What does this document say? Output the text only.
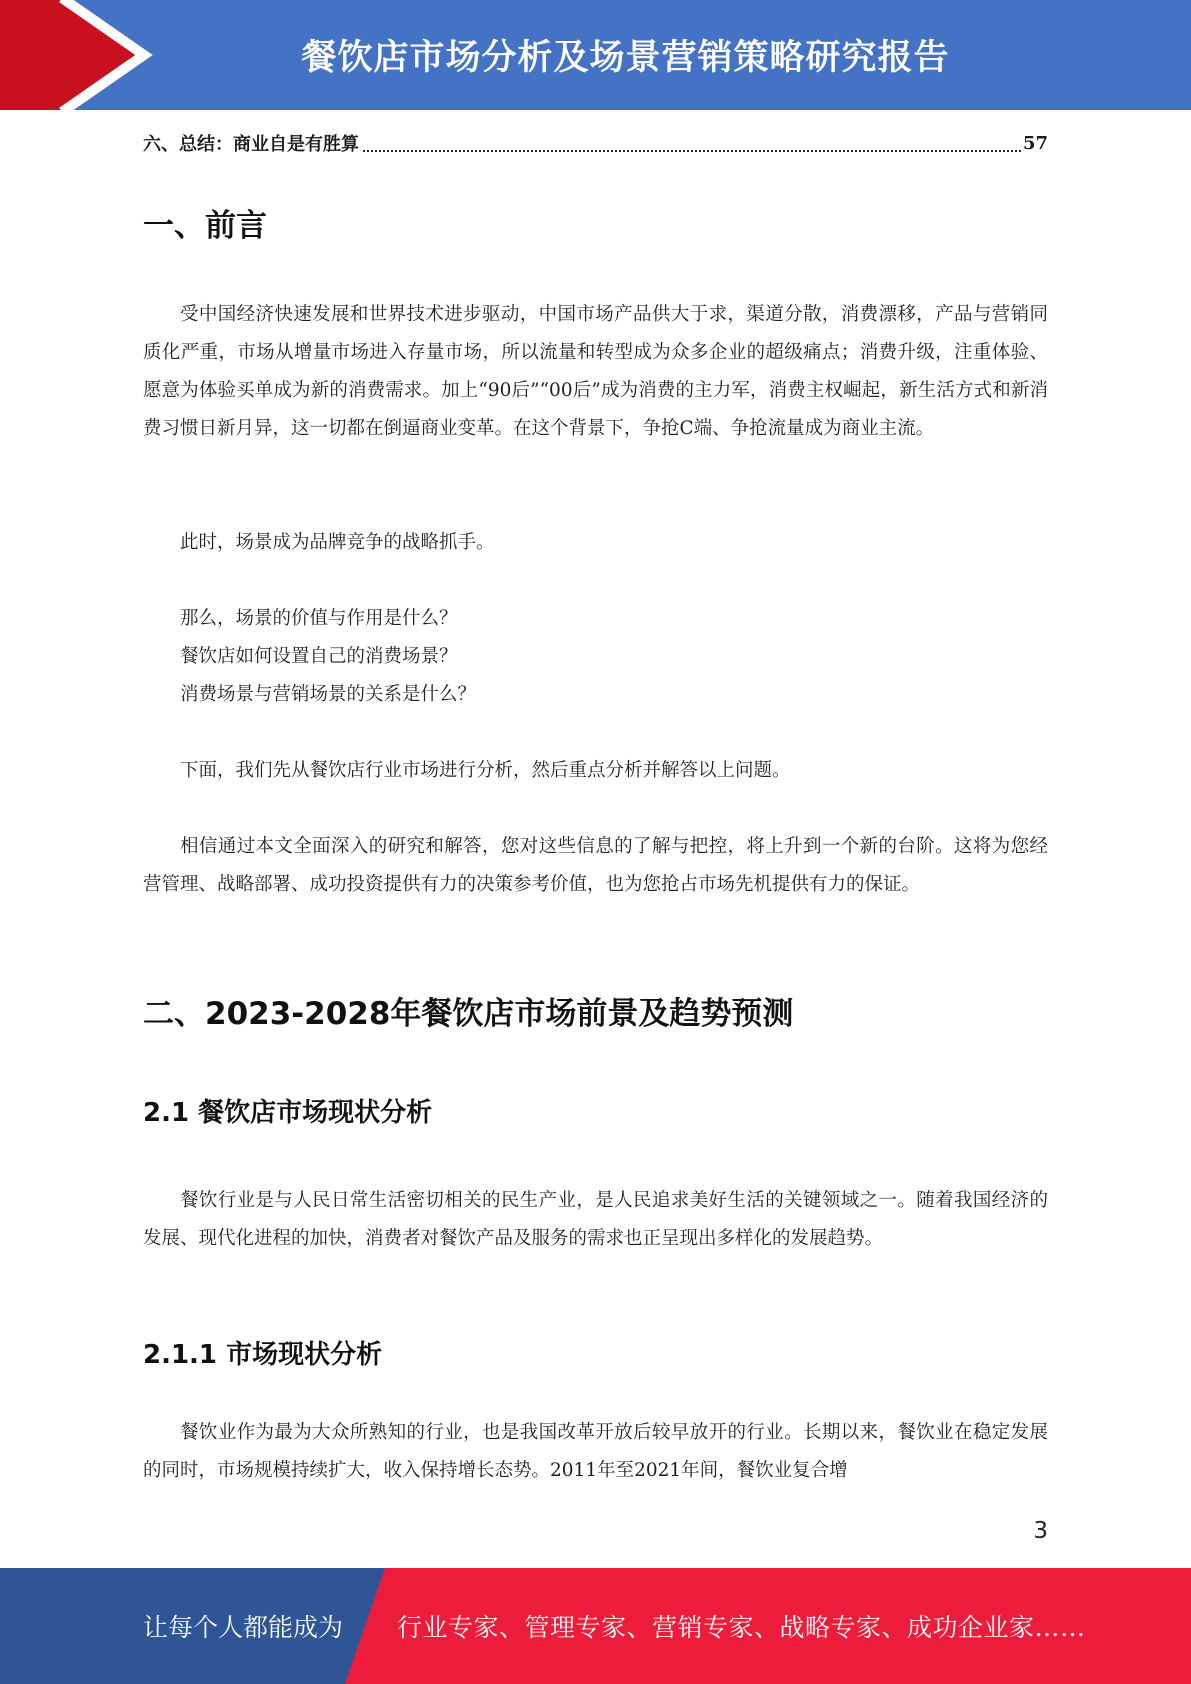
餐饮店市场分析及场景营销策略研究报告
六、总结：商业自是有胜算	57
一、前言

受中国经济快速发展和世界技术进步驱动，中国市场产品供大于求，渠道分散，消费漂移，产品与营销同质化严重，市场从增量市场进入存量市场，所以流量和转型成为众多企业的超级痛点；消费升级，注重体验、愿意为体验买单成为新的消费需求。加上“90后”“00后”成为消费的主力军，消费主权崛起，新生活方式和新消费习惯日新月异，这一切都在倒逼商业变革。在这个背景下，争抢C端、争抢流量成为商业主流。

此时，场景成为品牌竞争的战略抓手。

那么，场景的价值与作用是什么？

餐饮店如何设置自己的消费场景？

消费场景与营销场景的关系是什么？

下面，我们先从餐饮店行业市场进行分析，然后重点分析并解答以上问题。

相信通过本文全面深入的研究和解答，您对这些信息的了解与把控，将上升到一个新的台阶。这将为您经营管理、战略部署、成功投资提供有力的决策参考价值，也为您抢占市场先机提供有力的保证。

二、2023-2028年餐饮店市场前景及趋势预测
2.1 餐饮店市场现状分析

餐饮行业是与人民日常生活密切相关的民生产业，是人民追求美好生活的关键领域之一。随着我国经济的发展、现代化进程的加快，消费者对餐饮产品及服务的需求也正呈现出多样化的发展趋势。

2.1.1 市场现状分析

餐饮业作为最为大众所熟知的行业，也是我国改革开放后较早放开的行业。长期以来，餐饮业在稳定发展的同时，市场规模持续扩大，收入保持增长态势。2011年至2021年间，餐饮业复合增

3
让每个人都能成为 行业专家、管理专家、营销专家、战略专家、成功企业家……
